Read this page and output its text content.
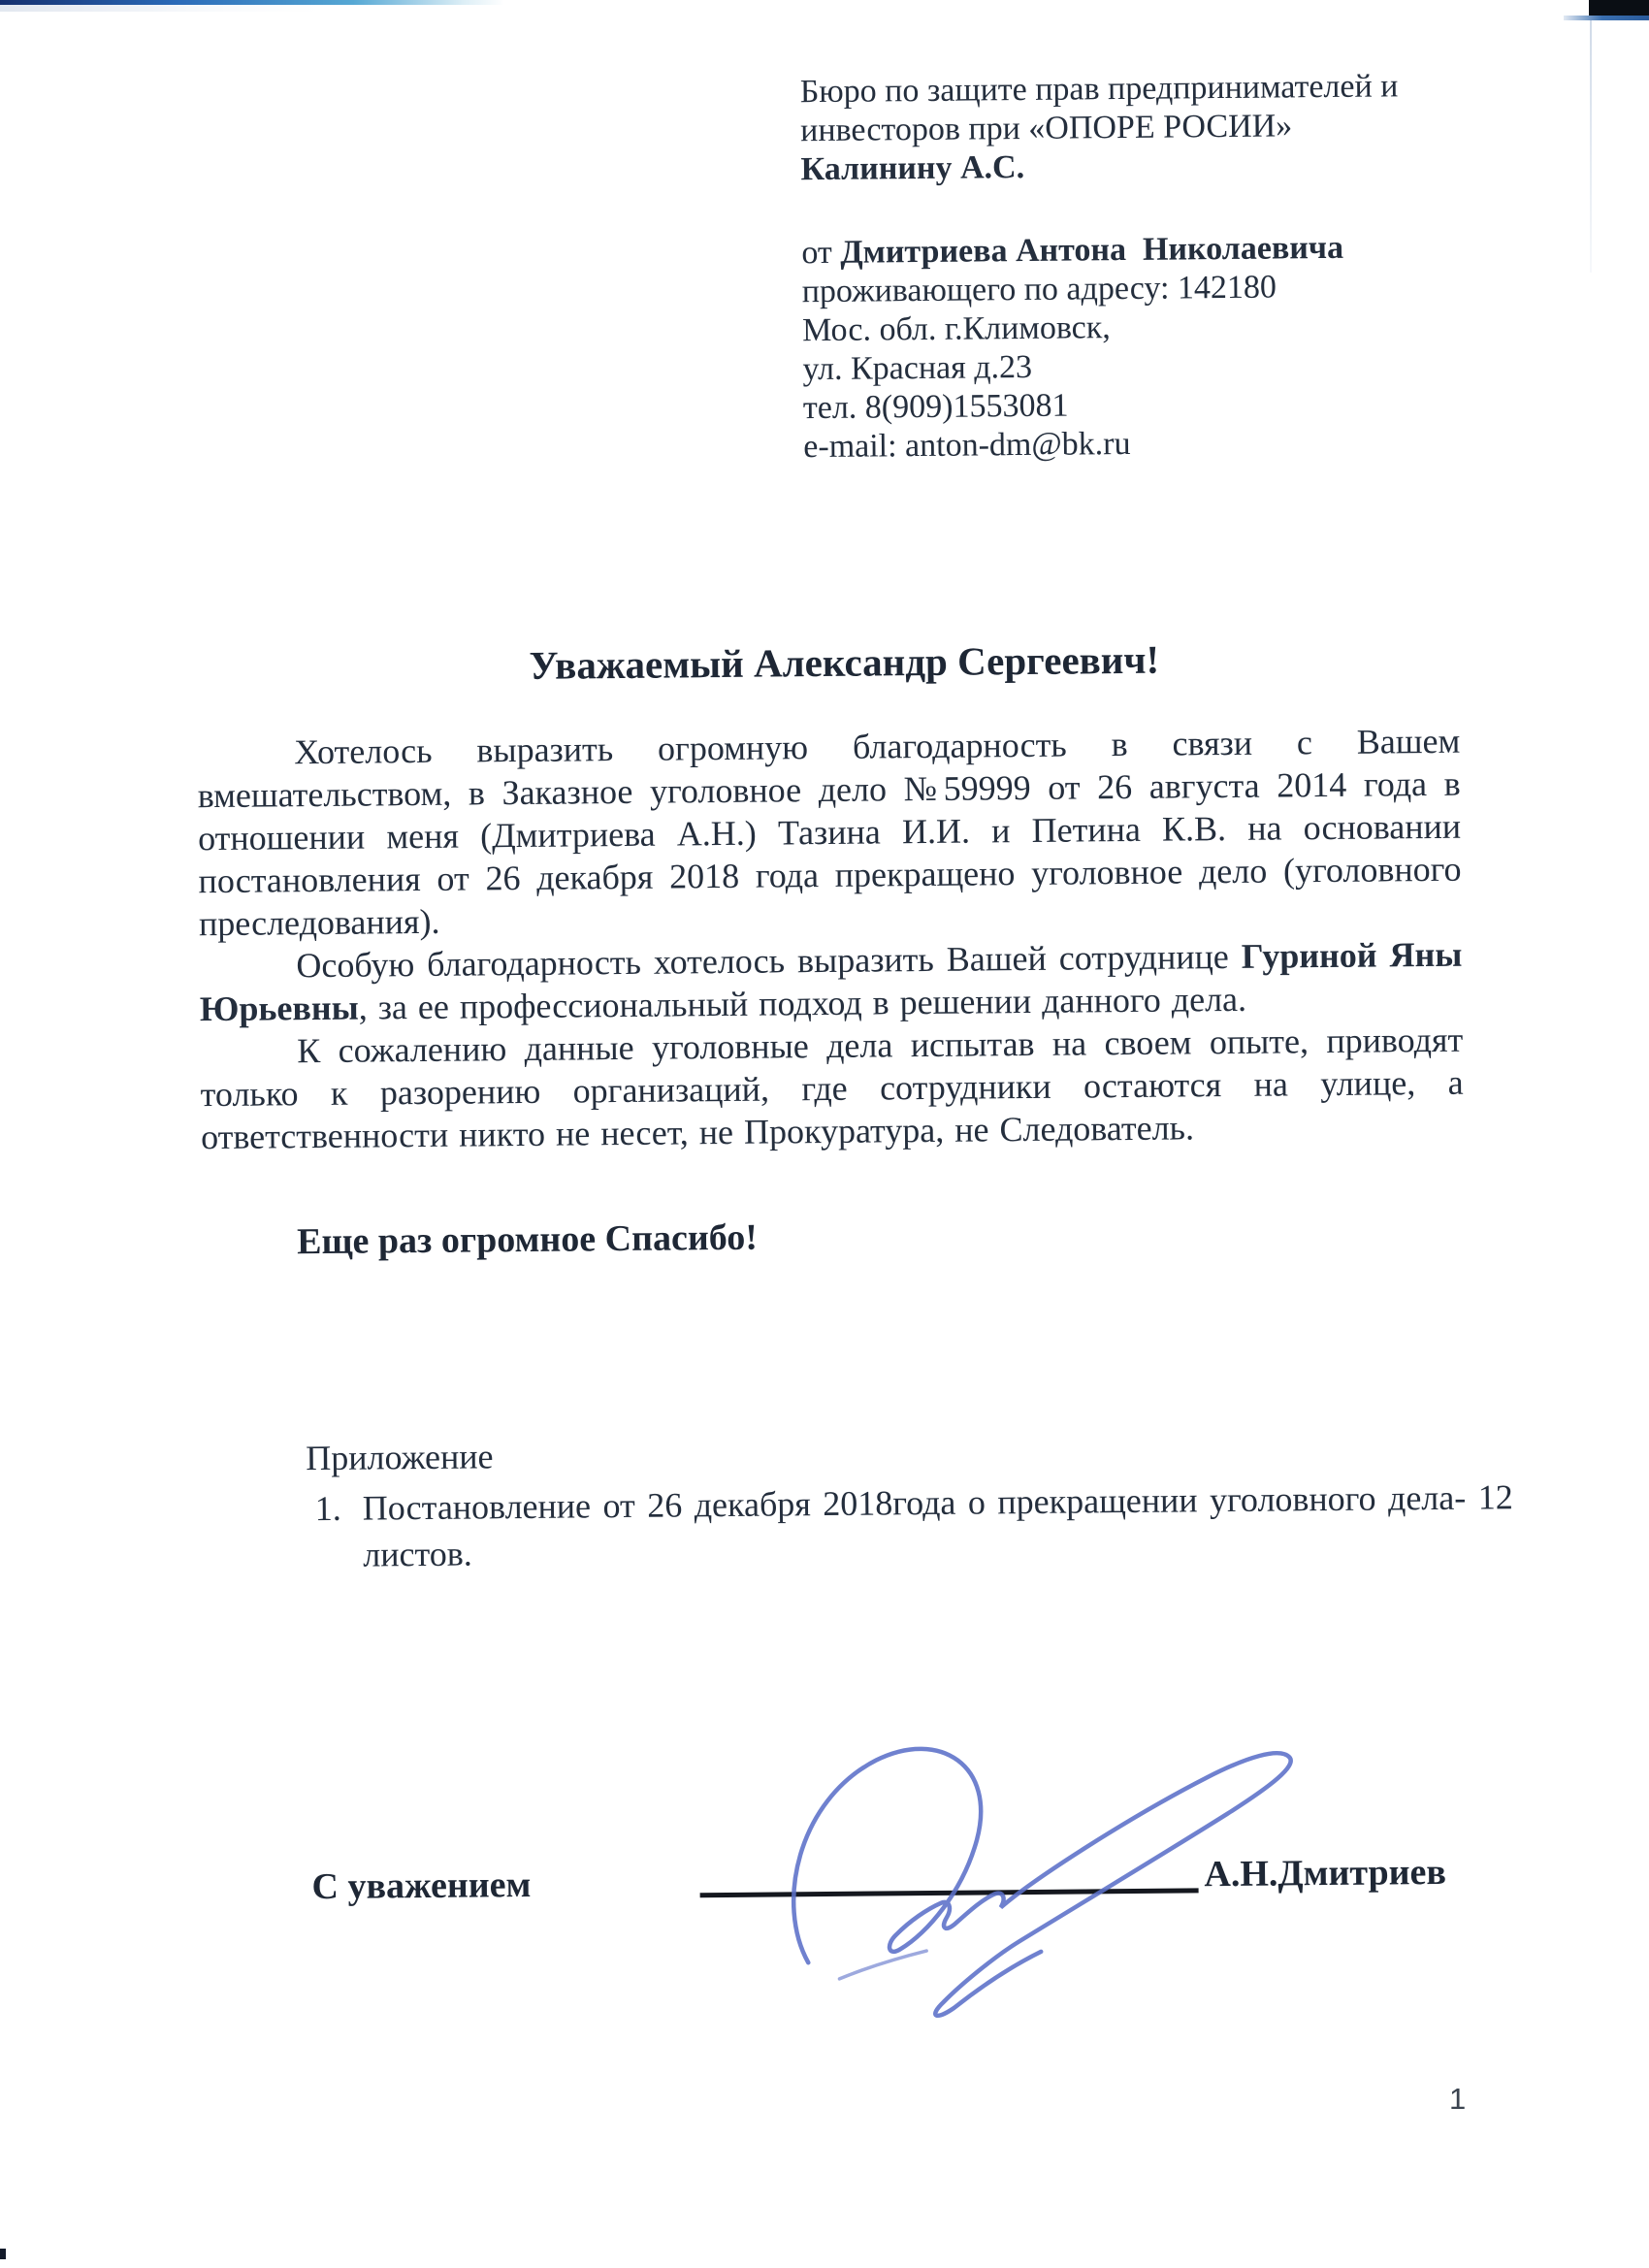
Бюро по защите прав предпринимателей и
инвесторов при «ОПОРЕ РОСИИ»
Калинину А.С.
от Дмитриева Антона  Николаевича
проживающего по адресу: 142180
Мос. обл. г.Климовск,
ул. Красная д.23
тел. 8(909)1553081
e-mail: anton-dm@bk.ru
Уважаемый Александр Сергеевич!

Хотелось выразить огромную благодарность в связи с Вашем вмешательством, в Заказное уголовное дело №59999 от 26 августа 2014 года в отношении меня (Дмитриева А.Н.) Тазина И.И. и Петина К.В. на основании постановления от 26 декабря 2018 года прекращено уголовное дело (уголовного преследования).

Особую благодарность хотелось выразить Вашей сотруднице Гуриной Яны Юрьевны, за ее профессиональный подход в решении данного дела.

К сожалению данные уголовные дела испытав на своем опыте, приводят только к разорению организаций, где сотрудники остаются на улице, а ответственности никто не несет, не Прокуратура, не Следователь.

Еще раз огромное Спасибо!
Приложение
1. Постановление от 26 декабря 2018года о прекращении уголовного дела- 12 листов.
С уважением	А.Н.Дмитриев
1
